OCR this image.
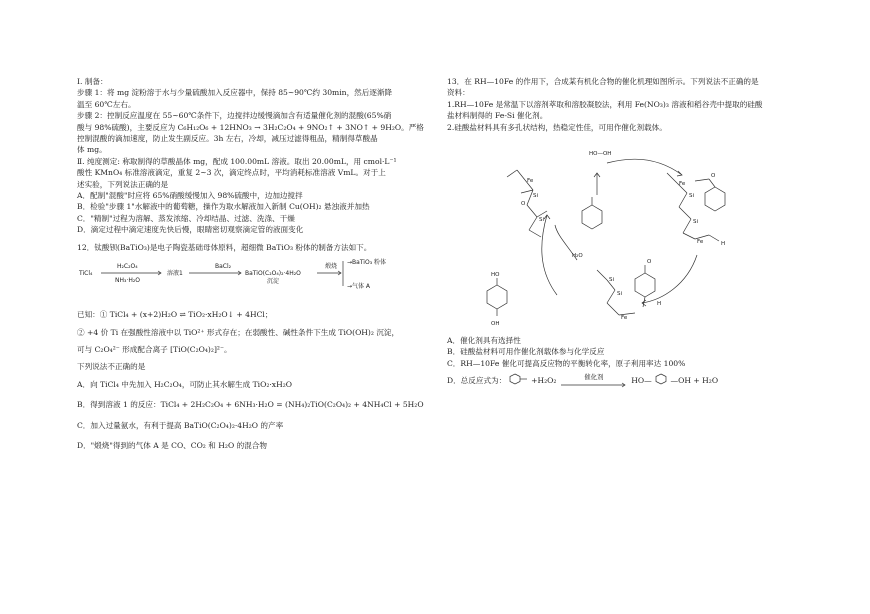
Ⅰ. 制备：
步骤 1：将 mg 淀粉溶于水与少量硫酸加入反应器中，保持 85~90℃约 30min，然后逐渐降
温至 60℃左右。
步骤 2：控制反应温度在 55~60℃条件下，边搅拌边缓慢滴加含有适量催化剂的混酸(65%硝
酸与 98%硫酸)，主要反应为 C₆H₁₂O₆ + 12HNO₃ → 3H₂C₂O₄ + 9NO₂↑ + 3NO↑ + 9H₂O。严格
控制混酸的滴加速度，防止发生副反应。3h 左右，冷却，减压过滤得粗品，精制得草酸晶
体 mg。
Ⅱ. 纯度测定: 称取制得的草酸晶体 mg，配成 100.00mL 溶液。取出 20.00mL，用 cmol·L⁻¹
酸性 KMnO₄ 标准溶液滴定，重复 2~3 次，滴定终点时，平均消耗标准溶液 VmL。对于上
述实验，下列说法正确的是
A．配制"混酸"时应将 65%硝酸缓慢加入 98%硫酸中，边加边搅拌
B．检验"步骤 1"水解液中的葡萄糖，操作为取水解液加入新制 Cu(OH)₂ 悬浊液并加热
C．"精制"过程为溶解、蒸发浓缩、冷却结晶、过滤、洗涤、干燥
D．滴定过程中滴定速度先快后慢，眼睛密切观察滴定管的液面变化
12．钛酸钡(BaTiO₃)是电子陶瓷基础母体原料，超细微 BaTiO₃ 粉体的制备方法如下。
TiCl₄
H₂C₂O₄
NH₃·H₂O
溶液1
BaCl₂
BaTiO(C₂O₄)₂·4H₂O
沉淀
煅烧
→BaTiO₃ 粉体
→气体 A
已知：① TiCl₄ + (x+2)H₂O ⇌ TiO₂·xH₂O↓ + 4HCl；
② +4 价 Ti 在强酸性溶液中以 TiO²⁺ 形式存在；在弱酸性、碱性条件下生成 TiO(OH)₂ 沉淀，
可与 C₂O₄²⁻ 形成配合离子 [TiO(C₂O₄)₂]²⁻。
下列说法不正确的是
A．向 TiCl₄ 中先加入 H₂C₂O₄，可防止其水解生成 TiO₂·xH₂O
B．得到溶液 1 的反应：TiCl₄ + 2H₂C₂O₄ + 6NH₃·H₂O = (NH₄)₂TiO(C₂O₄)₂ + 4NH₄Cl + 5H₂O
C．加入过量氨水，有利于提高 BaTiO(C₂O₄)₂·4H₂O 的产率
D．"煅烧"得到的气体 A 是 CO、CO₂ 和 H₂O 的混合物
13．在 RH—10Fe 的作用下，合成某有机化合物的催化机理如图所示。下列说法不正确的是
资料：
1.RH—10Fe 是常温下以溶剂萃取和溶胶凝胶法，利用 Fe(NO₃)₃ 溶液和稻谷壳中提取的硅酸
盐材料制得的 Fe-Si 催化剂。
2.硅酸盐材料具有多孔状结构，热稳定性佳，可用作催化剂载体。
HO—OH
H₂O
Fe
Si
Si
O
Fe
Si
Si
Fe	H
O
Si
Si
Fe
O
H
HO
OH
A．催化剂具有选择性
B．硅酸盐材料可用作催化剂载体参与化学反应
C．RH—10Fe 催化可提高反应物的平衡转化率，原子利用率达 100%
D．总反应式为：	+H₂O₂	$^{催化剂}$	HO— —OH + H₂O
